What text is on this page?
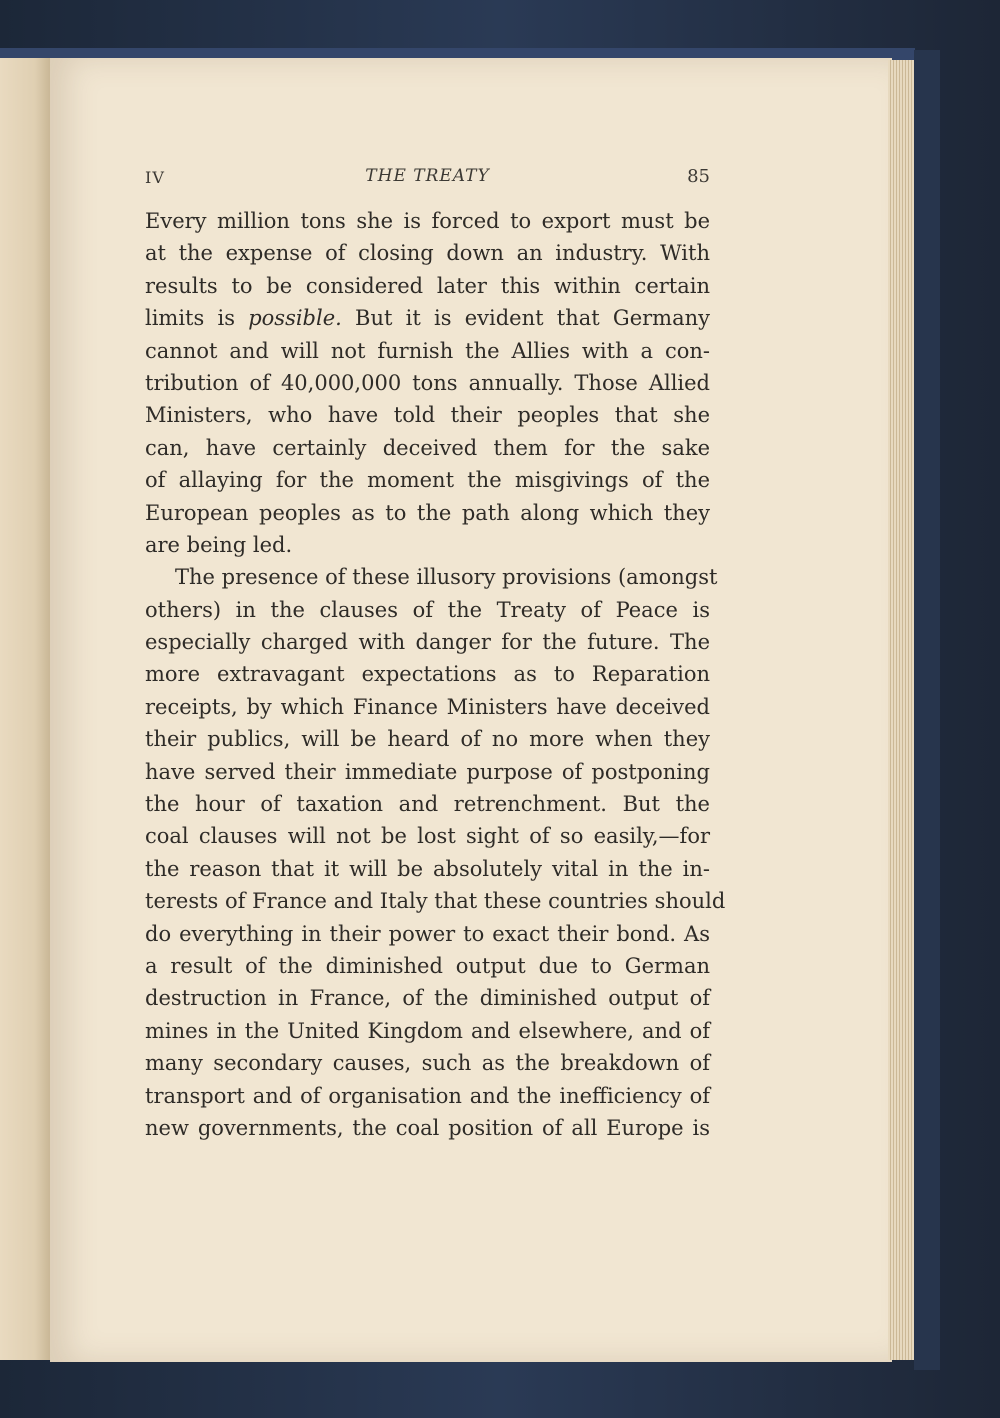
IV	THE TREATY	85
Every million tons she is forced to export must be
at the expense of closing down an industry. With
results to be considered later this within certain
limits is possible. But it is evident that Germany
cannot and will not furnish the Allies with a con-
tribution of 40,000,000 tons annually. Those Allied
Ministers, who have told their peoples that she
can, have certainly deceived them for the sake
of allaying for the moment the misgivings of the
European peoples as to the path along which they
are being led.
The presence of these illusory provisions (amongst
others) in the clauses of the Treaty of Peace is
especially charged with danger for the future. The
more extravagant expectations as to Reparation
receipts, by which Finance Ministers have deceived
their publics, will be heard of no more when they
have served their immediate purpose of postponing
the hour of taxation and retrenchment. But the
coal clauses will not be lost sight of so easily,—for
the reason that it will be absolutely vital in the in-
terests of France and Italy that these countries should
do everything in their power to exact their bond. As
a result of the diminished output due to German
destruction in France, of the diminished output of
mines in the United Kingdom and elsewhere, and of
many secondary causes, such as the breakdown of
transport and of organisation and the inefficiency of
new governments, the coal position of all Europe is
